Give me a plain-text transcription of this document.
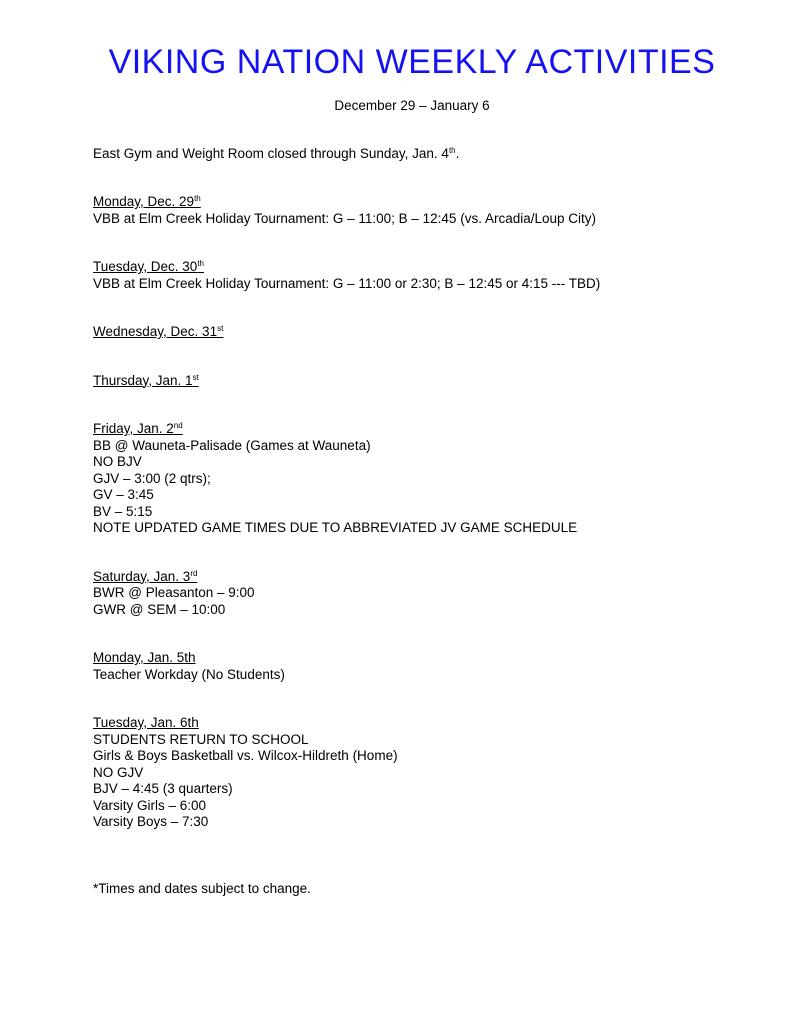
VIKING NATION WEEKLY ACTIVITIES
December 29 – January 6
East Gym and Weight Room closed through Sunday, Jan. 4th.
Monday, Dec. 29th
VBB at Elm Creek Holiday Tournament: G – 11:00; B – 12:45 (vs. Arcadia/Loup City)
Tuesday, Dec. 30th
VBB at Elm Creek Holiday Tournament: G – 11:00 or 2:30; B – 12:45 or 4:15 --- TBD)
Wednesday, Dec. 31st
Thursday, Jan. 1st
Friday, Jan. 2nd
BB @ Wauneta-Palisade (Games at Wauneta)
NO BJV
GJV – 3:00 (2 qtrs);
GV – 3:45
BV – 5:15
NOTE UPDATED GAME TIMES DUE TO ABBREVIATED JV GAME SCHEDULE
Saturday, Jan. 3rd
BWR @ Pleasanton – 9:00
GWR @ SEM – 10:00
Monday, Jan. 5th
Teacher Workday (No Students)
Tuesday, Jan. 6th
STUDENTS RETURN TO SCHOOL
Girls & Boys Basketball vs. Wilcox-Hildreth (Home)
NO GJV
BJV – 4:45 (3 quarters)
Varsity Girls – 6:00
Varsity Boys – 7:30
*Times and dates subject to change.
